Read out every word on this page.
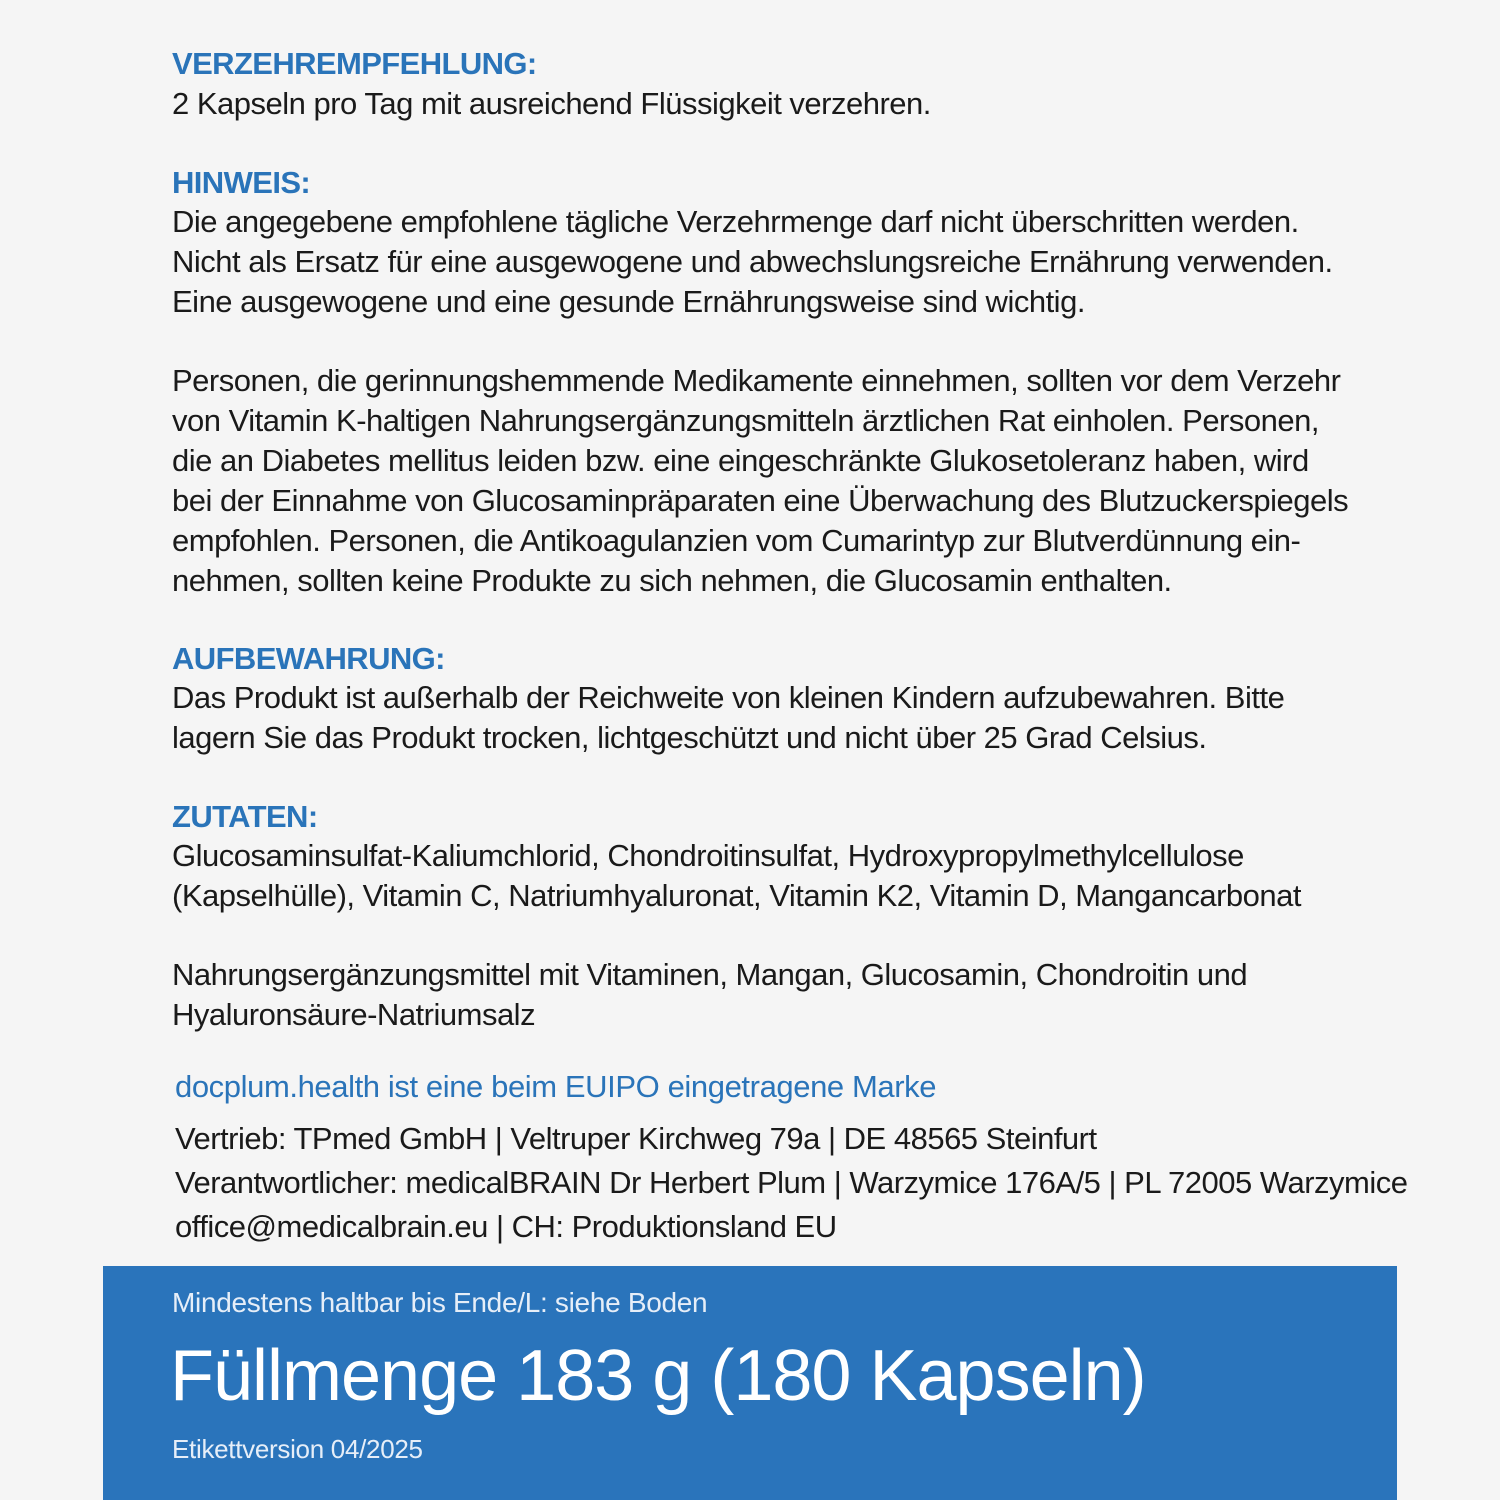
VERZEHREMPFEHLUNG:

2 Kapseln pro Tag mit ausreichend Flüssigkeit verzehren.

HINWEIS:
Die angegebene empfohlene tägliche Verzehrmenge darf nicht überschritten werden.
Nicht als Ersatz für eine ausgewogene und abwechslungsreiche Ernährung verwenden.
Eine ausgewogene und eine gesunde Ernährungsweise sind wichtig.
Personen, die gerinnungshemmende Medikamente einnehmen, sollten vor dem Verzehr
von Vitamin K-haltigen Nahrungsergänzungsmitteln ärztlichen Rat einholen. Personen,
die an Diabetes mellitus leiden bzw. eine eingeschränkte Glukosetoleranz haben, wird
bei der Einnahme von Glucosaminpräparaten eine Überwachung des Blutzuckerspiegels
empfohlen. Personen, die Antikoagulanzien vom Cumarintyp zur Blutverdünnung ein-
nehmen, sollten keine Produkte zu sich nehmen, die Glucosamin enthalten.
AUFBEWAHRUNG:
Das Produkt ist außerhalb der Reichweite von kleinen Kindern aufzubewahren. Bitte
lagern Sie das Produkt trocken, lichtgeschützt und nicht über 25 Grad Celsius.
ZUTATEN:
Glucosaminsulfat-Kaliumchlorid, Chondroitinsulfat, Hydroxypropylmethylcellulose
(Kapselhülle), Vitamin C, Natriumhyaluronat, Vitamin K2, Vitamin D, Mangancarbonat
Nahrungsergänzungsmittel mit Vitaminen, Mangan, Glucosamin, Chondroitin und
Hyaluronsäure-Natriumsalz
docplum.health ist eine beim EUIPO eingetragene Marke
Vertrieb: TPmed GmbH | Veltruper Kirchweg 79a | DE 48565 Steinfurt
Verantwortlicher: medicalBRAIN Dr Herbert Plum | Warzymice 176A/5 | PL 72005 Warzymice
office@medicalbrain.eu | CH: Produktionsland EU
Mindestens haltbar bis Ende/L: siehe Boden
Füllmenge 183 g (180 Kapseln)
Etikettversion 04/2025
